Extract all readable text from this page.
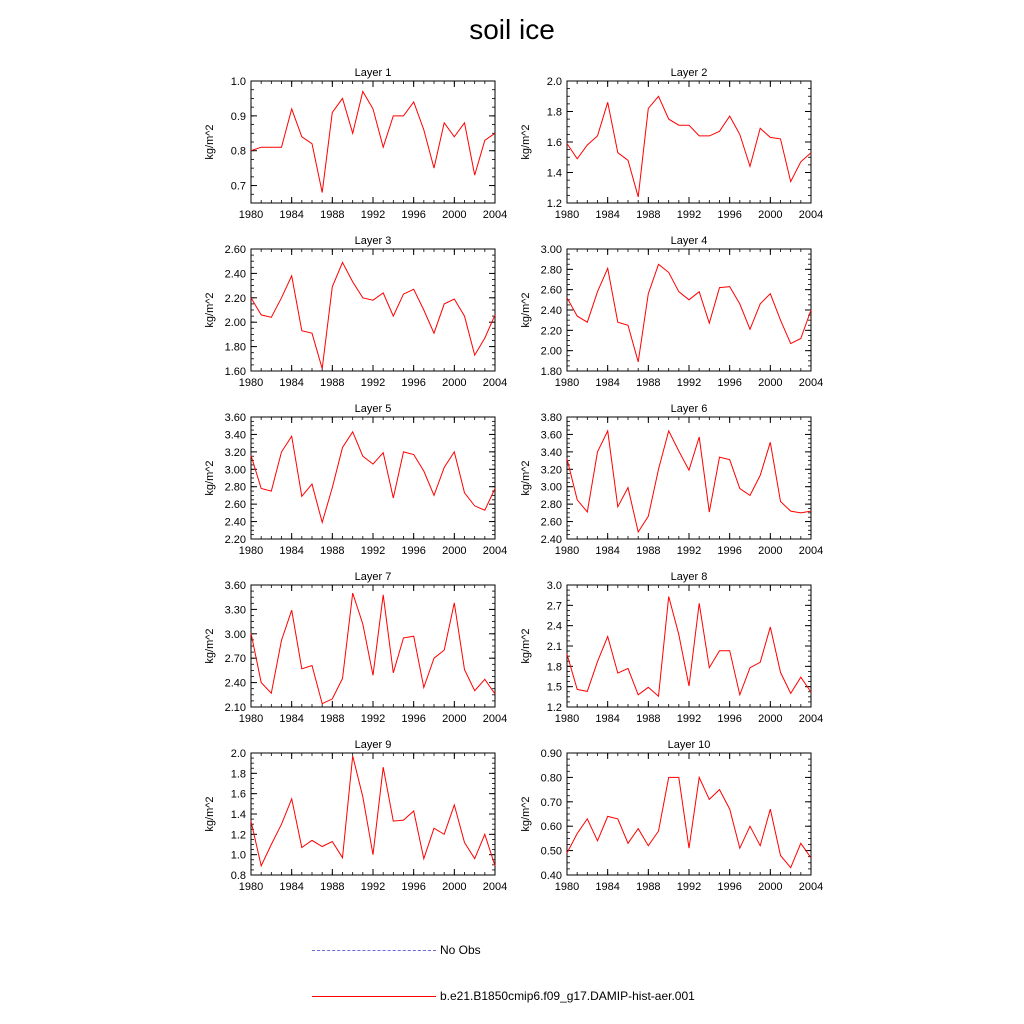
soil ice
Layer 1
kg/m^2
1980 1984 1988 1992 1996 2000 2004
0.7
0.8
0.9
1.0
Layer 2
kg/m^2
1980 1984 1988 1992 1996 2000 2004
1.2
1.4
1.6
1.8
2.0
Layer 3
kg/m^2
1980 1984 1988 1992 1996 2000 2004
1.60
1.80
2.00
2.20
2.40
2.60
Layer 4
kg/m^2
1980 1984 1988 1992 1996 2000 2004
1.80
2.00
2.20
2.40
2.60
2.80
3.00
Layer 5
kg/m^2
1980 1984 1988 1992 1996 2000 2004
2.20
2.40
2.60
2.80
3.00
3.20
3.40
3.60
Layer 6
kg/m^2
1980 1984 1988 1992 1996 2000 2004
2.40
2.60
2.80
3.00
3.20
3.40
3.60
3.80
Layer 7
kg/m^2
1980 1984 1988 1992 1996 2000 2004
2.10
2.40
2.70
3.00
3.30
3.60
Layer 8
kg/m^2
1980 1984 1988 1992 1996 2000 2004
1.2
1.5
1.8
2.1
2.4
2.7
3.0
Layer 9
kg/m^2
1980 1984 1988 1992 1996 2000 2004
0.8
1.0
1.2
1.4
1.6
1.8
2.0
Layer 10
kg/m^2
1980 1984 1988 1992 1996 2000 2004
0.40
0.50
0.60
0.70
0.80
0.90
No Obs
b.e21.B1850cmip6.f09_g17.DAMIP-hist-aer.001
